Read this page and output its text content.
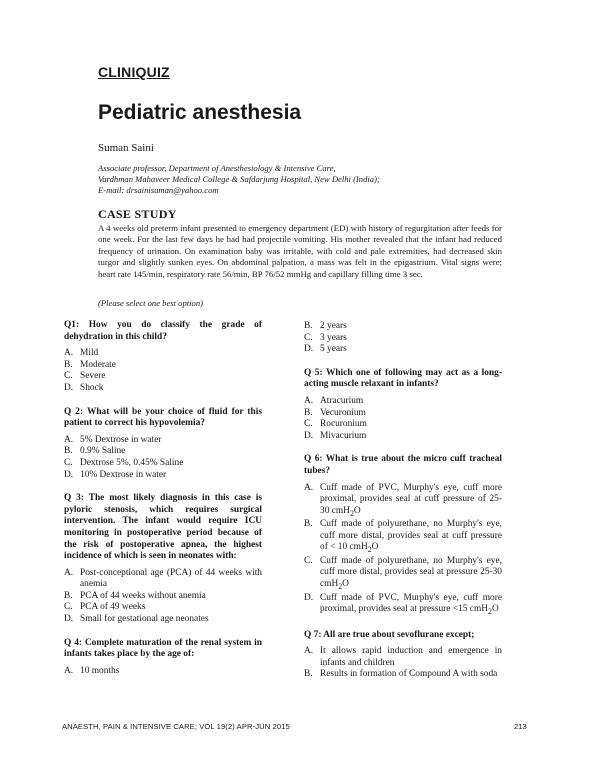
CLINIQUIZ
Pediatric anesthesia
Suman Saini
Associate professor, Department of Anesthesiology & Intensive Care,
Vardhman Mahaveer Medical College & Safdarjung Hospital, New Delhi (India);
E-mail: drsainisuman@yahoo.com
CASE STUDY
A 4 weeks old preterm infant presented to emergency department (ED) with history of regurgitation after feeds for one week. For the last few days he had had projectile vomiting. His mother revealed that the infant had reduced frequency of urination. On examination baby was irritable, with cold and pale extremities, had decreased skin turgor and slightly sunken eyes. On abdominal palpation, a mass was felt in the epigastrium. Vital signs were; heart rate 145/min, respiratory rate 56/min, BP 76/52 mmHg and capillary filling time 3 sec.
(Please select one best option)
Q1: How you do classify the grade of dehydration in this child?
A. Mild
B. Moderate
C. Severe
D. Shock
Q 2: What will be your choice of fluid for this patient to correct his hypovolemia?
A. 5% Dextrose in water
B. 0.9% Saline
C. Dextrose 5%, 0.45% Saline
D. 10% Dextrose in water
Q 3: The most likely diagnosis in this case is pyloric stenosis, which requires surgical intervention. The infant would require ICU monitoring in postoperative period because of the risk of postoperative apnea, the highest incidence of which is seen in neonates with:
A. Post-conceptional age (PCA) of 44 weeks with anemia
B. PCA of 44 weeks without anemia
C. PCA of 49 weeks
D. Small for gestational age neonates
Q 4: Complete maturation of the renal system in infants takes place by the age of:
A. 10 months
B. 2 years
C. 3 years
D. 5 years
Q 5: Which one of following may act as a long-acting muscle relaxant in infants?
A. Atracurium
B. Vecuronium
C. Rocuronium
D. Mivacurium
Q 6: What is true about the micro cuff tracheal tubes?
A. Cuff made of PVC, Murphy's eye, cuff more proximal, provides seal at cuff pressure of 25-30 cmH$_2$O
B. Cuff made of polyurethane, no Murphy's eye, cuff more distal, provides seal at cuff pressure of < 10 cmH$_2$O
C. Cuff made of polyurethane, no Murphy's eye, cuff more distal, provides seal at pressure 25-30 cmH$_2$O
D. Cuff made of PVC, Murphy's eye, cuff more proximal, provides seal at pressure <15 cmH$_2$O
Q 7: All are true about sevoflurane except;
A. It allows rapid induction and emergence in infants and children
B. Results in formation of Compound A with soda
ANAESTH, PAIN & INTENSIVE CARE; VOL 19(2) APR-JUN 2015	213
